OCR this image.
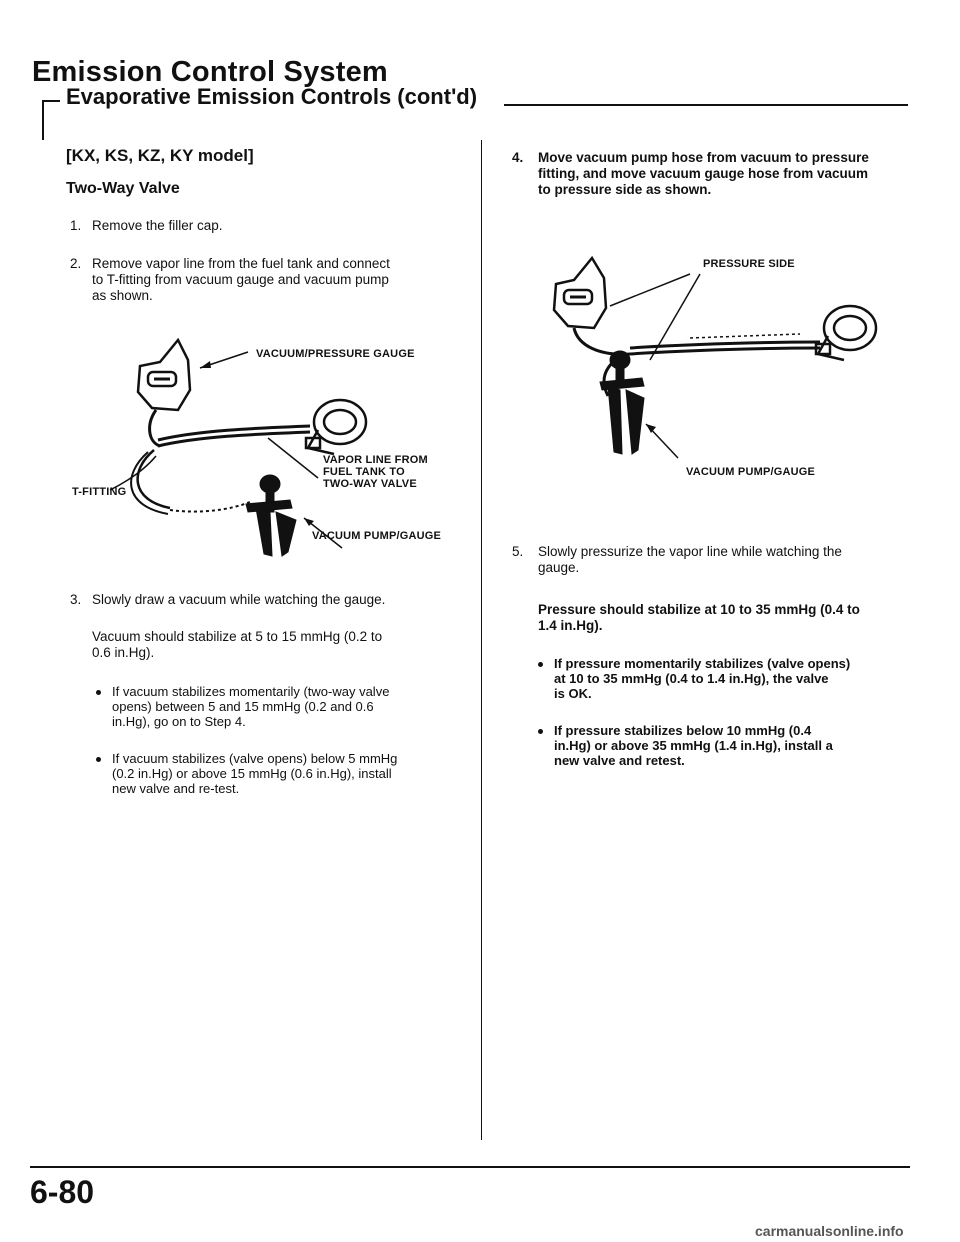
Emission Control System
Evaporative Emission Controls (cont'd)
[KX, KS, KZ, KY model]
Two-Way Valve
1. Remove the filler cap.
2. Remove vapor line from the fuel tank and connect
to T-fitting from vacuum gauge and vacuum pump
as shown.
VACUUM/PRESSURE GAUGE
T-FITTING
VAPOR LINE FROM
FUEL TANK TO
TWO-WAY VALVE
VACUUM PUMP/GAUGE
3. Slowly draw a vacuum while watching the gauge.
Vacuum should stabilize at 5 to 15 mmHg (0.2 to
0.6 in.Hg).
If vacuum stabilizes momentarily (two-way valve
opens) between 5 and 15 mmHg (0.2 and 0.6
in.Hg), go on to Step 4.
If vacuum stabilizes (valve opens) below 5 mmHg
(0.2 in.Hg) or above 15 mmHg (0.6 in.Hg), install
new valve and re-test.
4. Move vacuum pump hose from vacuum to pressure
fitting, and move vacuum gauge hose from vacuum
to pressure side as shown.
PRESSURE SIDE
VACUUM PUMP/GAUGE
5. Slowly pressurize the vapor line while watching the
gauge.
Pressure should stabilize at 10 to 35 mmHg (0.4 to
1.4 in.Hg).
If pressure momentarily stabilizes (valve opens)
at 10 to 35 mmHg (0.4 to 1.4 in.Hg), the valve
is OK.
If pressure stabilizes below 10 mmHg (0.4
in.Hg) or above 35 mmHg (1.4 in.Hg), install a
new valve and retest.
6-80
carmanualsonline.info
